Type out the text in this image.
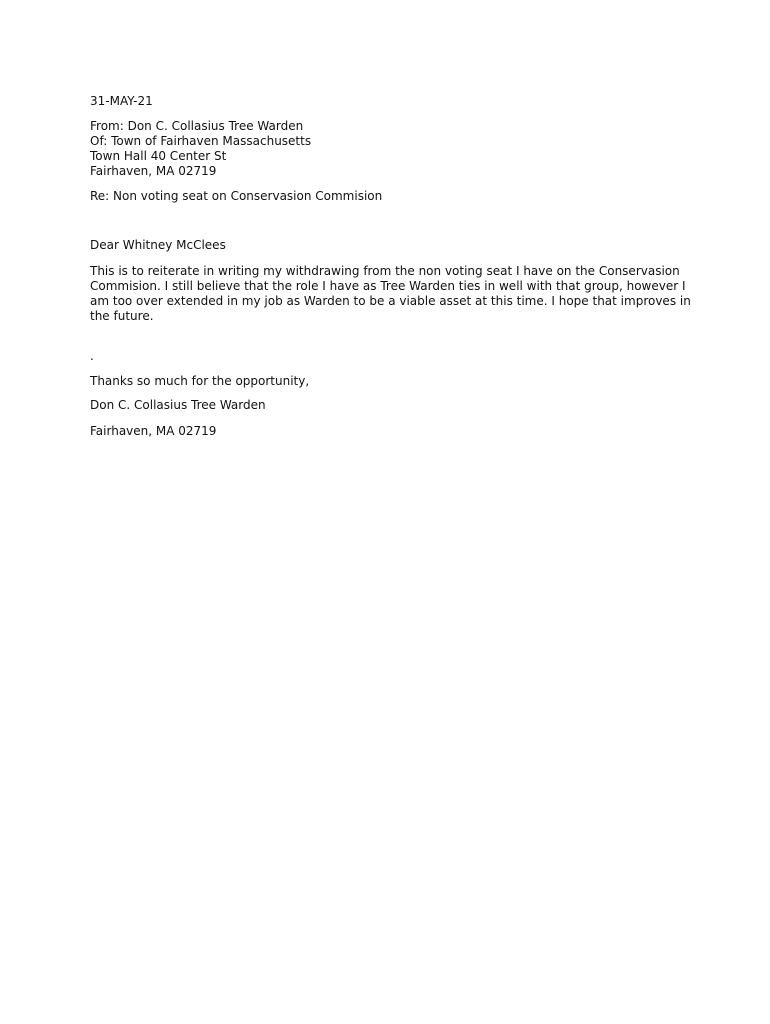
31-MAY-21
From: Don C. Collasius Tree Warden
Of: Town of Fairhaven Massachusetts
Town Hall 40 Center St
Fairhaven, MA 02719
Re: Non voting seat on Conservasion Commision
Dear Whitney McClees
This is to reiterate in writing my withdrawing from the non voting seat I have on the Conservasion
Commision. I still believe that the role I have as Tree Warden ties in well with that group, however I
am too over extended in my job as Warden to be a viable asset at this time. I hope that improves in
the future.
.
Thanks so much for the opportunity,
Don C. Collasius Tree Warden
Fairhaven, MA 02719
